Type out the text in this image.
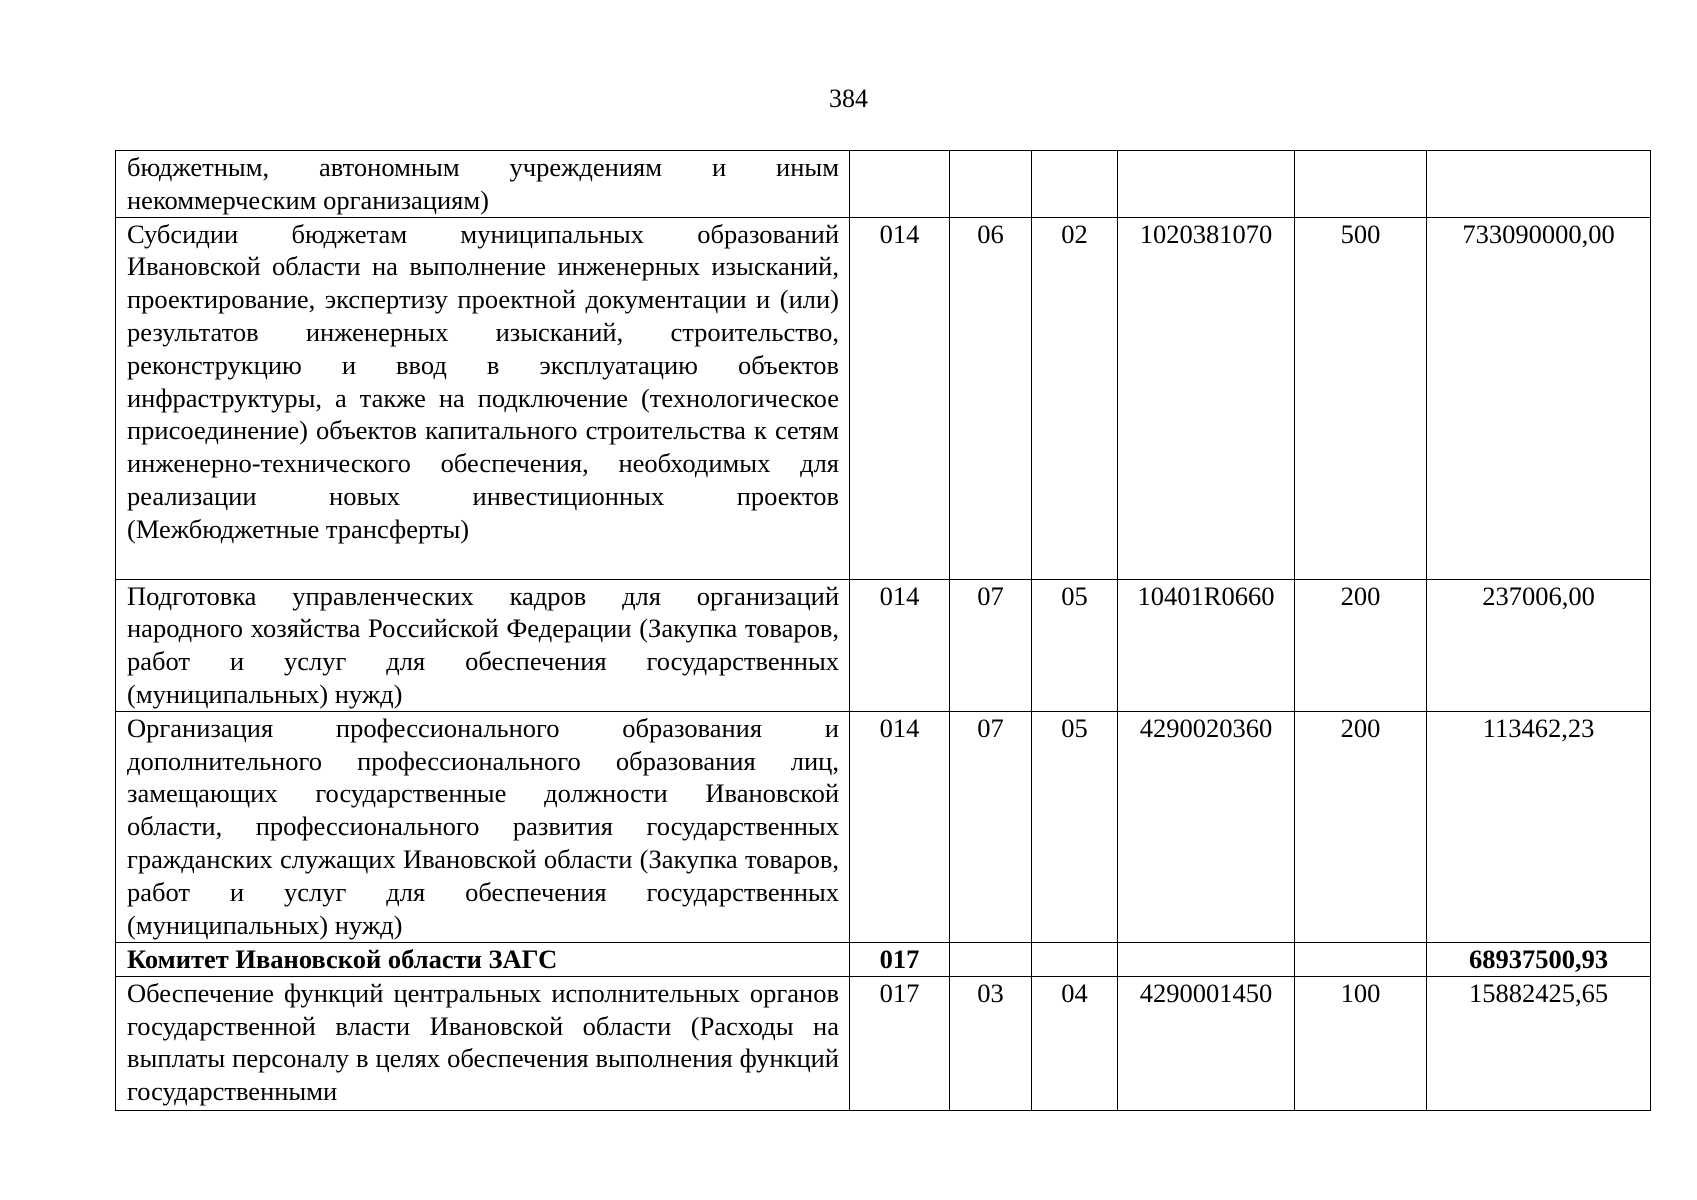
384
бюджетным, автономным учреждениям и иным некоммерческим организациям)						
Субсидии бюджетам муниципальных образований Ивановской области на выполнение инженерных изысканий, проектирование, экспертизу проектной документации и (или) результатов инженерных изысканий, строительство, реконструкцию и ввод в эксплуатацию объектов инфраструктуры, а также на подключение (технологическое присоединение) объектов капитального строительства к сетям инженерно-технического обеспечения, необходимых для реализации новых инвестиционных проектов (Межбюджетные трансферты)	014	06	02	1020381070	500	733090000,00
Подготовка управленческих кадров для организаций народного хозяйства Российской Федерации (Закупка товаров, работ и услуг для обеспечения государственных (муниципальных) нужд)	014	07	05	10401R0660	200	237006,00
Организация профессионального образования и дополнительного профессионального образования лиц, замещающих государственные должности Ивановской области, профессионального развития государственных гражданских служащих Ивановской области (Закупка товаров, работ и услуг для обеспечения государственных (муниципальных) нужд)	014	07	05	4290020360	200	113462,23
Комитет Ивановской области ЗАГС	017					68937500,93
Обеспечение функций центральных исполнительных органов государственной власти Ивановской области (Расходы на выплаты персоналу в целях обеспечения выполнения функций государственными	017	03	04	4290001450	100	15882425,65
